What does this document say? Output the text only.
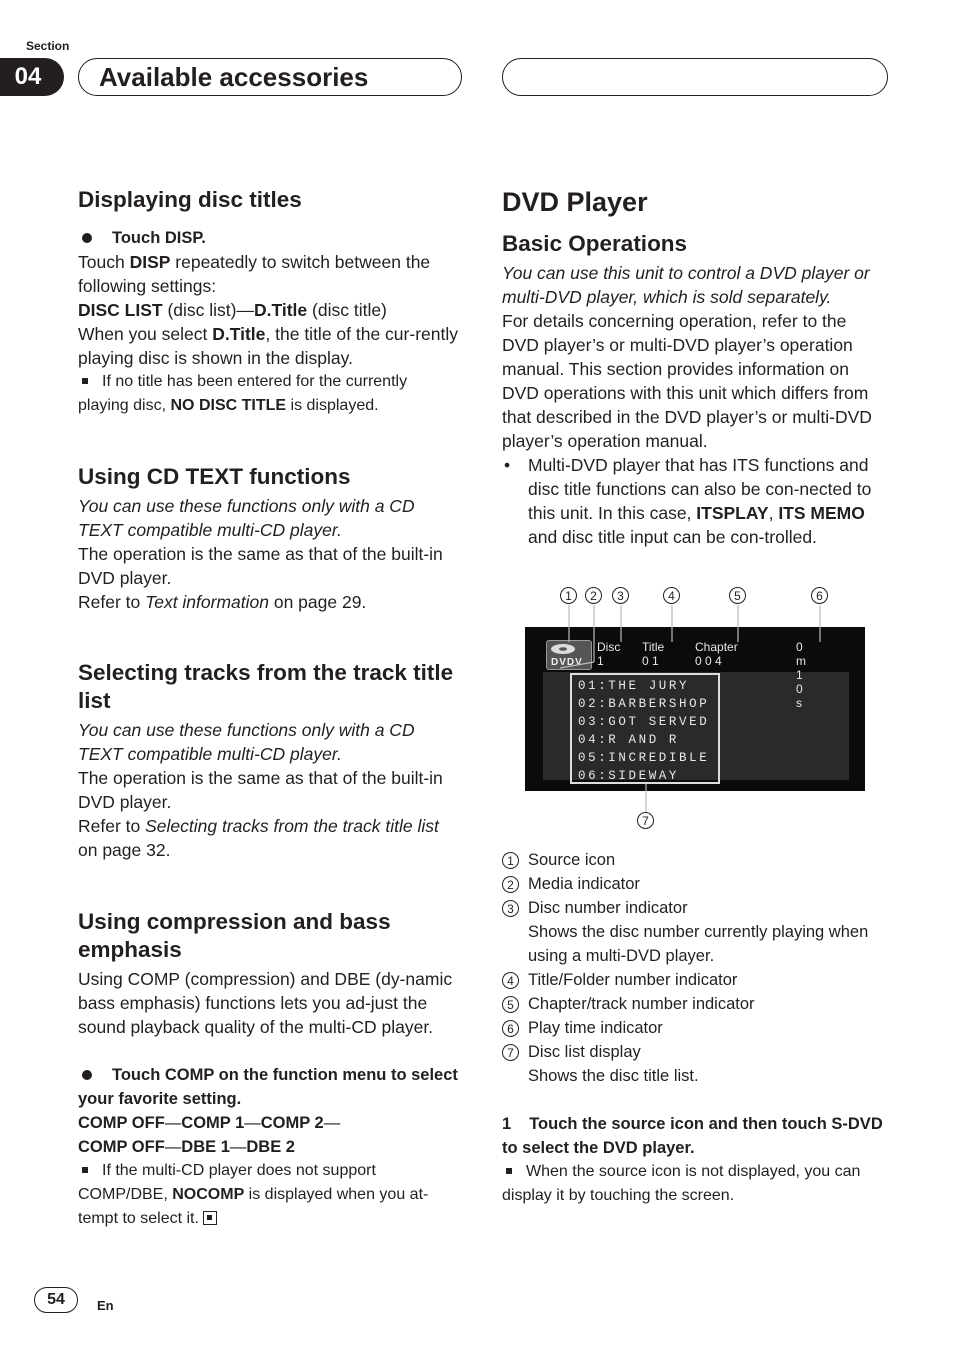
Section
04	Available accessories
Displaying disc titles

Touch DISP.

Touch DISP repeatedly to switch between the following settings:

DISC LIST (disc list)—D.Title (disc title)

When you select D.Title, the title of the cur-rently playing disc is shown in the display.

If no title has been entered for the currently playing disc, NO DISC TITLE is displayed.

Using CD TEXT functions

You can use these functions only with a CD TEXT compatible multi-CD player.

The operation is the same as that of the built-in DVD player.

Refer to Text information on page 29.

Selecting tracks from the track title list

You can use these functions only with a CD TEXT compatible multi-CD player.

The operation is the same as that of the built-in DVD player.

Refer to Selecting tracks from the track title list on page 32.

Using compression and bass emphasis

Using COMP (compression) and DBE (dy-namic bass emphasis) functions lets you ad-just the sound playback quality of the multi-CD player.

Touch COMP on the function menu to select your favorite setting.

COMP OFF—COMP 1—COMP 2—

COMP OFF—DBE 1—DBE 2

If the multi-CD player does not support COMP/DBE, NOCOMP is displayed when you at-tempt to select it.

DVD Player
Basic Operations

You can use this unit to control a DVD player or multi-DVD player, which is sold separately.

For details concerning operation, refer to the DVD player’s or multi-DVD player’s operation manual. This section provides information on DVD operations with this unit which differs from that described in the DVD player’s or multi-DVD player’s operation manual.

• Multi-DVD player that has ITS functions and disc title functions can also be con-nected to this unit. In this case, ITSPLAY, ITS MEMO and disc title input can be con-trolled.

1	2	3	4	5	6
DVDV
Disc 1
Title 0 1
Chapter 0 0 4
0 m 1 0 s
01:THE JURY
02:BARBERSHOP
03:GOT SERVED
04:R AND R
05:INCREDIBLE
06:SIDEWAY
7
1 Source icon
2 Media indicator
3 Disc number indicator
Shows the disc number currently playing when using a multi-DVD player.
4 Title/Folder number indicator
5 Chapter/track number indicator
6 Play time indicator
7 Disc list display
Shows the disc title list.

1 Touch the source icon and then touch S-DVD to select the DVD player.

When the source icon is not displayed, you can display it by touching the screen.

54	En
